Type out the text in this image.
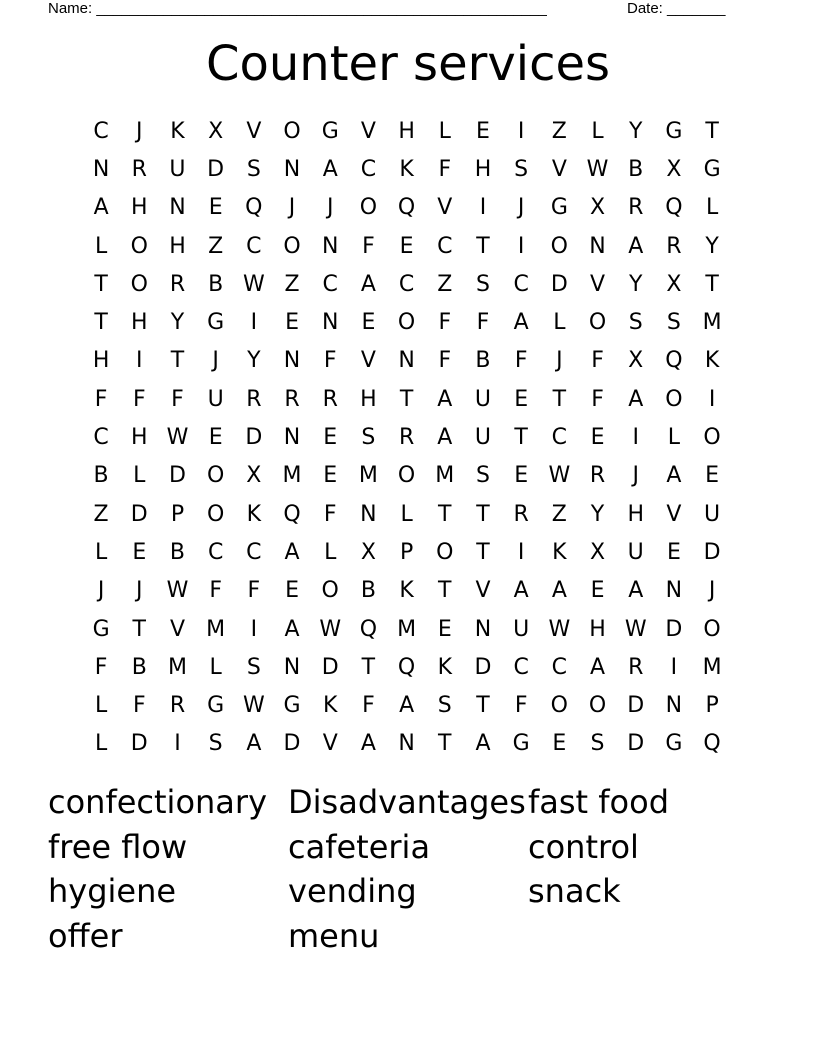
Name: ______________________________________________________	Date: _______
Counter services
C	J	K	X	V O G	V	H	L	E	I	Z	L	Y	G	T
N	R	U D	S	N	A	C	K	F	H	S	V W B	X	G
A	H N	E	Q	J	J	O Q	V	I	J	G	X	R Q	L
L	O H	Z	C O N	F	E	C	T	I	O N	A	R	Y
T	O R	B W Z	C	A	C	Z	S	C	D	V	Y	X	T
T	H	Y	G	I	E	N	E	O	F	F	A	L	O	S	S M
H	I	T	J	Y	N	F	V	N	F	B	F	J	F	X Q	K
F	F	F	U	R	R	R	H	T	A	U	E	T	F	A O	I
C	H W E	D N	E	S	R	A	U	T	C	E	I	L	O
B	L	D O X M E M O M S	E W R	J	A	E
Z	D	P	O	K	Q	F	N	L	T	T	R	Z	Y	H	V	U
L	E	B	C	C	A	L	X	P	O	T	I	K	X	U	E	D
J	J	W F	F	E	O B	K	T	V	A	A	E	A	N	J
G	T	V M	I	A W Q M E	N U W H W D O
F	B M	L	S	N D	T	Q	K	D	C	C	A	R	I	M
L	F	R	G W G	K	F	A	S	T	F	O O D N	P
L	D	I	S	A	D	V	A	N	T	A	G	E	S	D G Q
confectionary Disadvantages fast food
free flow	cafeteria	control
hygiene	vending	snack
offer	menu
